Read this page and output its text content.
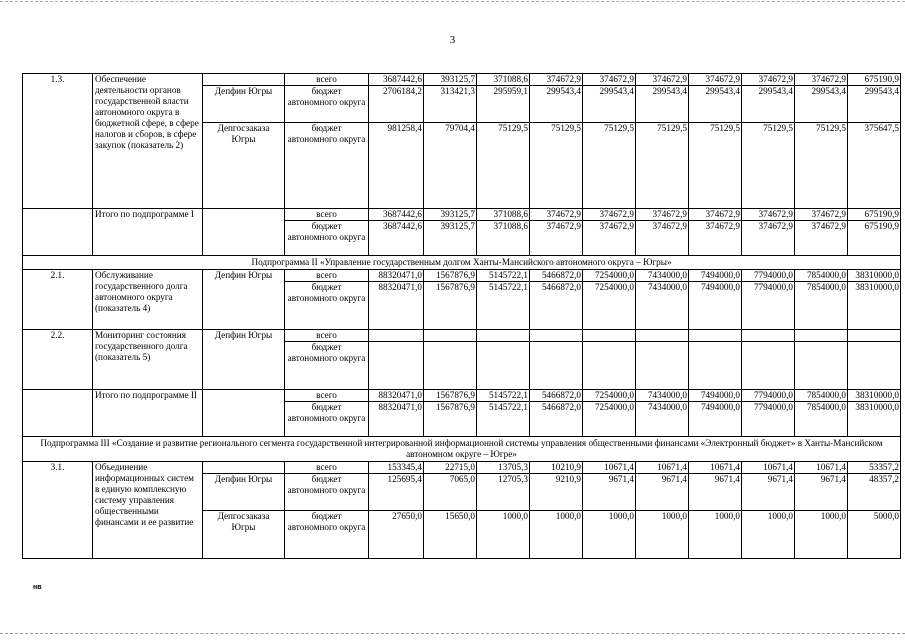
3
1.3.	Обеспечение деятельности органов государственной власти автономного округа в бюджетной сфере, в сфере налогов и сборов, в сфере закупок (показатель 2)		всего	3687442,6	393125,7	371088,6	374672,9	374672,9	374672,9	374672,9	374672,9	374672,9	675190,9
		Депфин Югры	бюджет автономного округа	2706184,2	313421,3	295959,1	299543,4	299543,4	299543,4	299543,4	299543,4	299543,4	299543,4
		Депгосзаказа Югры	бюджет автономного округа	981258,4	79704,4	75129,5	75129,5	75129,5	75129,5	75129,5	75129,5	75129,5	375647,5
	Итого по подпрограмме I		всего	3687442,6	393125,7	371088,6	374672,9	374672,9	374672,9	374672,9	374672,9	374672,9	675190,9
			бюджет автономного округа	3687442,6	393125,7	371088,6	374672,9	374672,9	374672,9	374672,9	374672,9	374672,9	675190,9
Подпрограмма II «Управление государственным долгом Ханты-Мансийского автономного округа – Югры»													
2.1.	Обслуживание государственного долга автономного округа (показатель 4)	Депфин Югры	всего	88320471,0	1567876,9	5145722,1	5466872,0	7254000,0	7434000,0	7494000,0	7794000,0	7854000,0	38310000,0
			бюджет автономного округа	88320471,0	1567876,9	5145722,1	5466872,0	7254000,0	7434000,0	7494000,0	7794000,0	7854000,0	38310000,0
2.2.	Мониторинг состояния государственного долга (показатель 5)	Депфин Югры	всего										
			бюджет автономного округа										
	Итого по подпрограмме II		всего	88320471,0	1567876,9	5145722,1	5466872,0	7254000,0	7434000,0	7494000,0	7794000,0	7854000,0	38310000,0
			бюджет автономного округа	88320471,0	1567876,9	5145722,1	5466872,0	7254000,0	7434000,0	7494000,0	7794000,0	7854000,0	38310000,0
Подпрограмма III «Создание и развитие регионального сегмента государственной интегрированной информационной системы управления общественными финансами «Электронный бюджет» в Ханты-Мансийском автономном округе – Югре»													
3.1.	Объединение информационных систем в единую комплексную систему управления общественными финансами и ее развитие		всего	153345,4	22715,0	13705,3	10210,9	10671,4	10671,4	10671,4	10671,4	10671,4	53357,2
		Депфин Югры	бюджет автономного округа	125695,4	7065,0	12705,3	9210,9	9671,4	9671,4	9671,4	9671,4	9671,4	48357,2
		Депгосзаказа Югры	бюджет автономного округа	27650,0	15650,0	1000,0	1000,0	1000,0	1000,0	1000,0	1000,0	1000,0	5000,0
нв
